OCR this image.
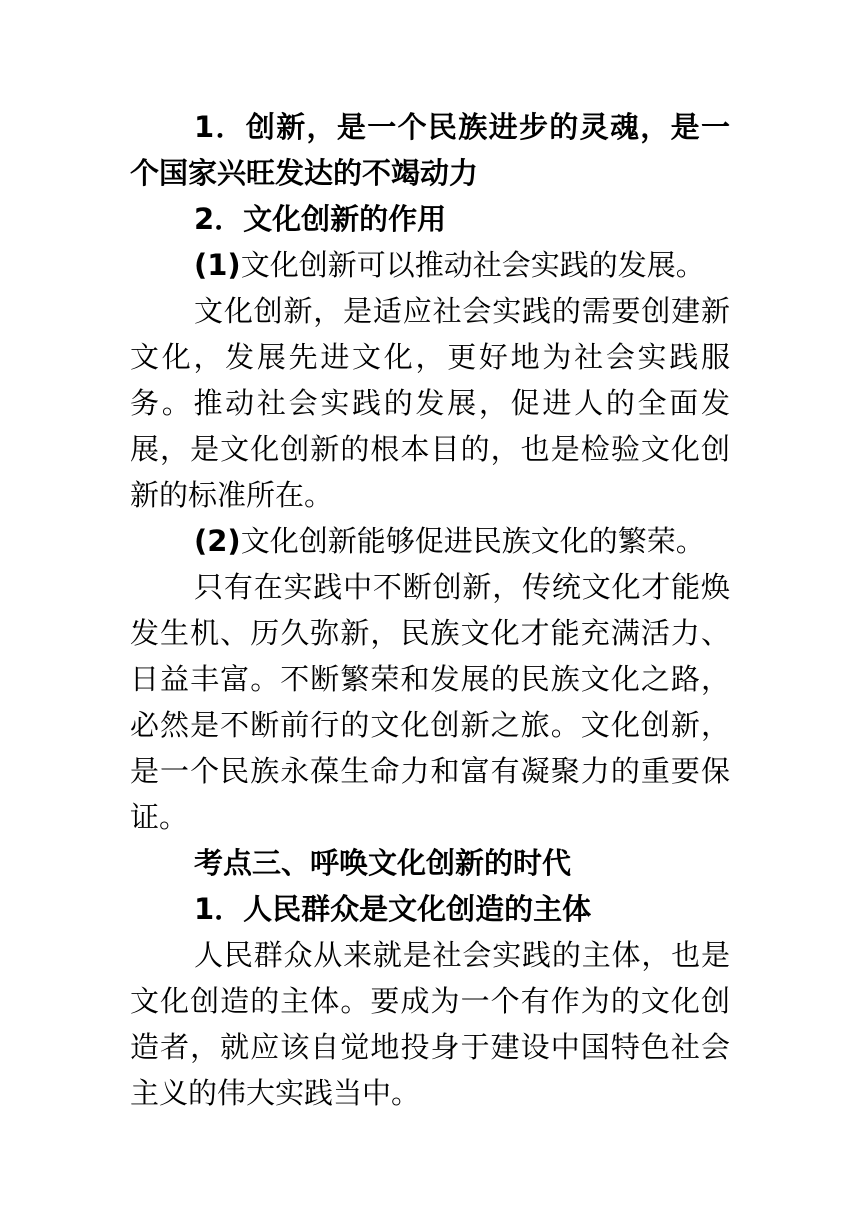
1．创新，是一个民族进步的灵魂，是一个国家兴旺发达的不竭动力

2．文化创新的作用

(1)文化创新可以推动社会实践的发展。

文化创新，是适应社会实践的需要创建新文化，发展先进文化，更好地为社会实践服务。推动社会实践的发展，促进人的全面发展，是文化创新的根本目的，也是检验文化创新的标准所在。

(2)文化创新能够促进民族文化的繁荣。

只有在实践中不断创新，传统文化才能焕发生机、历久弥新，民族文化才能充满活力、日益丰富。不断繁荣和发展的民族文化之路，必然是不断前行的文化创新之旅。文化创新，是一个民族永葆生命力和富有凝聚力的重要保证。

考点三、呼唤文化创新的时代

1．人民群众是文化创造的主体

人民群众从来就是社会实践的主体，也是文化创造的主体。要成为一个有作为的文化创造者，就应该自觉地投身于建设中国特色社会主义的伟大实践当中。
